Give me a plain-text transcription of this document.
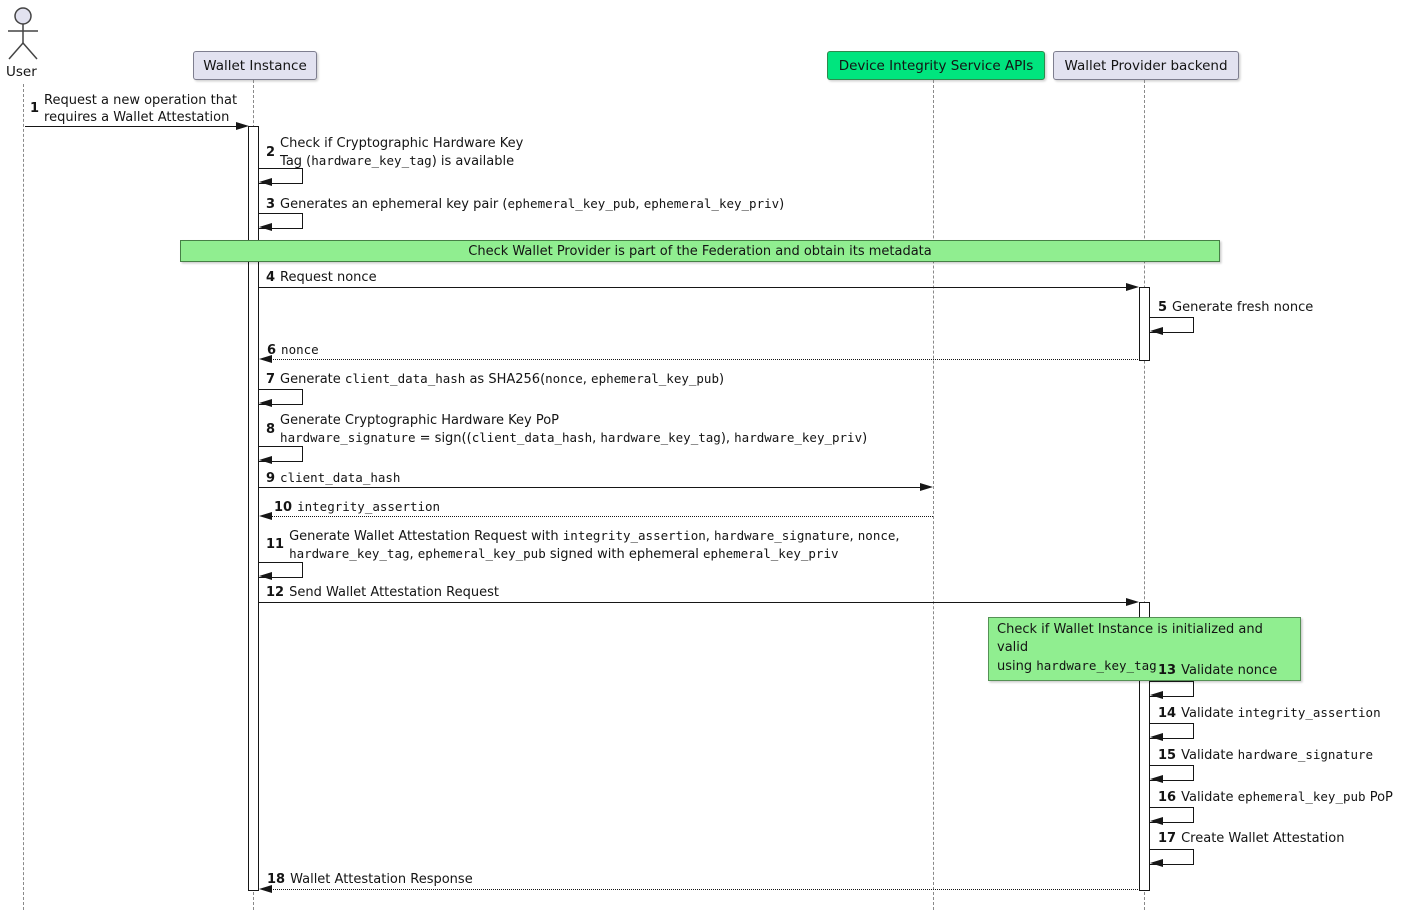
User	Wallet Instance	Device Integrity Service APIs Wallet Provider backend
Check Wallet Provider is part of the Federation and obtain its metadata
Check if Wallet Instance is initialized and valid
using hardware_key_tag
1
Request a new operation that
requires a Wallet Attestation
2
Check if Cryptographic Hardware Key
Tag (hardware_key_tag) is available
3 Generates an ephemeral key pair (ephemeral_key_pub, ephemeral_key_priv)
4 Request nonce
5 Generate fresh nonce
6 nonce
7 Generate client_data_hash as SHA256(nonce, ephemeral_key_pub)
8
Generate Cryptographic Hardware Key PoP
hardware_signature = sign((client_data_hash, hardware_key_tag), hardware_key_priv)
9 client_data_hash
10 integrity_assertion
11
Generate Wallet Attestation Request with integrity_assertion, hardware_signature, nonce,
hardware_key_tag, ephemeral_key_pub signed with ephemeral ephemeral_key_priv
12 Send Wallet Attestation Request
13 Validate nonce
14 Validate integrity_assertion
15 Validate hardware_signature
16 Validate ephemeral_key_pub PoP
17 Create Wallet Attestation
18 Wallet Attestation Response
